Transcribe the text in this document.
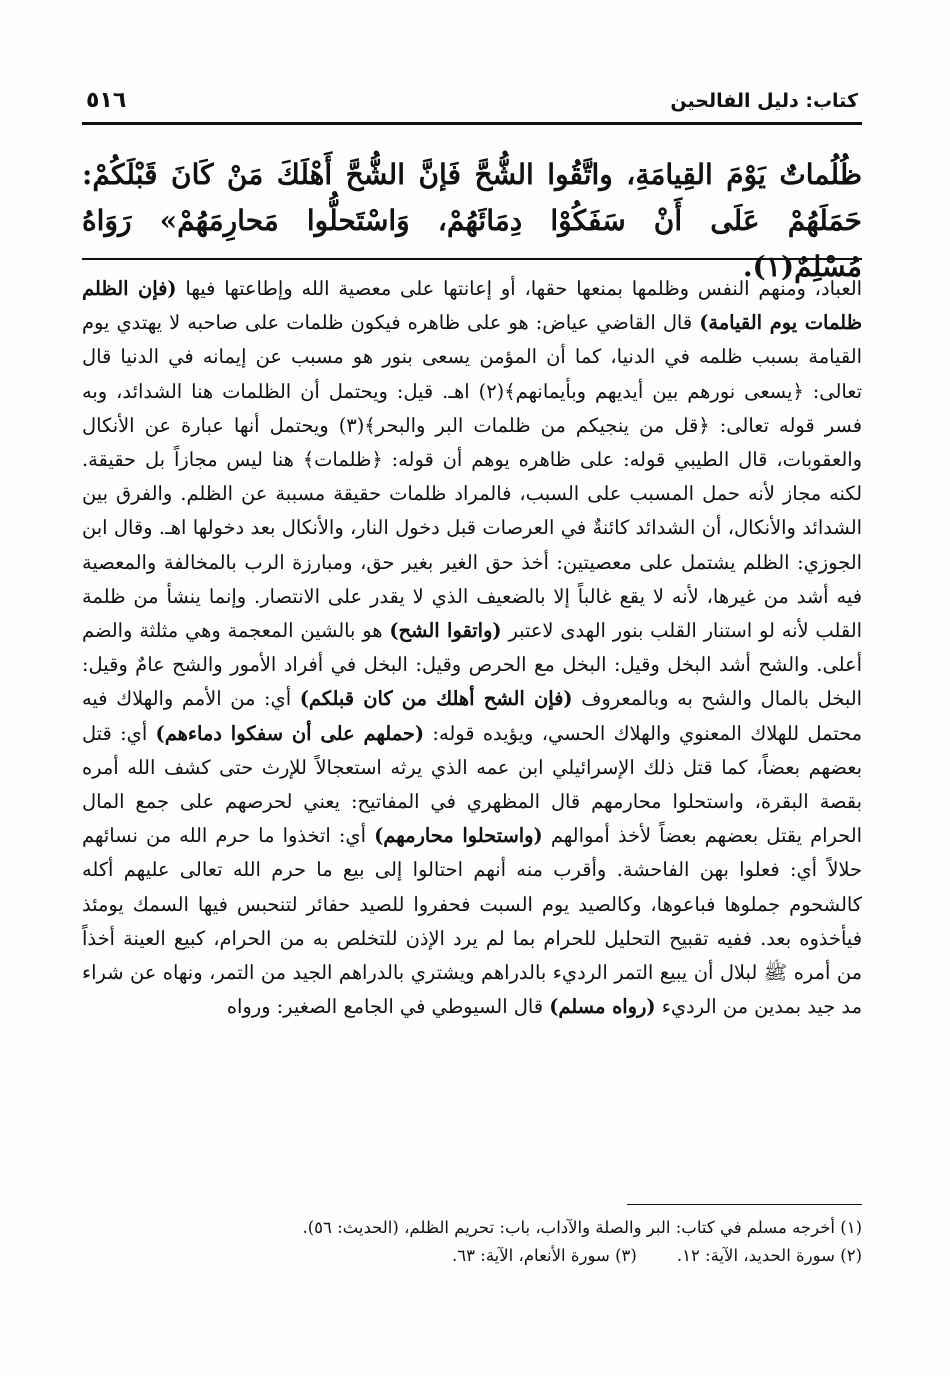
كتاب: دليل الفالحين
٥١٦
ظُلُماتٌ يَوْمَ القِيامَةِ، واتَّقُوا الشُّحَّ فَإنَّ الشُّحَّ أَهْلَكَ مَنْ كَانَ قَبْلَكُمْ: حَمَلَهُمْ عَلَى أَنْ سَفَكُوْا دِمَائَهُمْ، وَاسْتَحلُّوا مَحارِمَهُمْ» رَوَاهُ مُسْلِمٌ(١).

العباد، ومنهم النفس وظلمها بمنعها حقها، أو إعانتها على معصية الله وإطاعتها فيها (فإن الظلم ظلمات يوم القيامة) قال القاضي عياض: هو على ظاهره فيكون ظلمات على صاحبه لا يهتدي يوم القيامة بسبب ظلمه في الدنيا، كما أن المؤمن يسعى بنور هو مسبب عن إيمانه في الدنيا قال تعالى: ﴿يسعى نورهم بين أيديهم وبأيمانهم﴾(٢) اهـ. قيل: ويحتمل أن الظلمات هنا الشدائد، وبه فسر قوله تعالى: ﴿قل من ينجيكم من ظلمات البر والبحر﴾(٣) ويحتمل أنها عبارة عن الأنكال والعقوبات، قال الطيبي قوله: على ظاهره يوهم أن قوله: ﴿ظلمات﴾ هنا ليس مجازاً بل حقيقة. لكنه مجاز لأنه حمل المسبب على السبب، فالمراد ظلمات حقيقة مسببة عن الظلم. والفرق بين الشدائد والأنكال، أن الشدائد كائنةٌ في العرصات قبل دخول النار، والأنكال بعد دخولها اهـ. وقال ابن الجوزي: الظلم يشتمل على معصيتين: أخذ حق الغير بغير حق، ومبارزة الرب بالمخالفة والمعصية فيه أشد من غيرها، لأنه لا يقع غالباً إلا بالضعيف الذي لا يقدر على الانتصار. وإنما ينشأ من ظلمة القلب لأنه لو استنار القلب بنور الهدى لاعتبر (واتقوا الشح) هو بالشين المعجمة وهي مثلثة والضم أعلى. والشح أشد البخل وقيل: البخل مع الحرص وقيل: البخل في أفراد الأمور والشح عامٌ وقيل: البخل بالمال والشح به وبالمعروف (فإن الشح أهلك من كان قبلكم) أي: من الأمم والهلاك فيه محتمل للهلاك المعنوي والهلاك الحسي، ويؤيده قوله: (حملهم على أن سفكوا دماءهم) أي: قتل بعضهم بعضاً، كما قتل ذلك الإسرائيلي ابن عمه الذي يرثه استعجالاً للإرث حتى كشف الله أمره بقصة البقرة، واستحلوا محارمهم قال المظهري في المفاتيح: يعني لحرصهم على جمع المال الحرام يقتل بعضهم بعضاً لأخذ أموالهم (واستحلوا محارمهم) أي: اتخذوا ما حرم الله من نسائهم حلالاً أي: فعلوا بهن الفاحشة. وأقرب منه أنهم احتالوا إلى بيع ما حرم الله تعالى عليهم أكله كالشحوم جملوها فباعوها، وكالصيد يوم السبت فحفروا للصيد حفائر لتنحبس فيها السمك يومئذ فيأخذوه بعد. ففيه تقبيح التحليل للحرام بما لم يرد الإذن للتخلص به من الحرام، كبيع العينة أخذاً من أمره ﷺ لبلال أن يبيع التمر الرديء بالدراهم ويشتري بالدراهم الجيد من التمر، ونهاه عن شراء مد جيد بمدين من الرديء (رواه مسلم) قال السيوطي في الجامع الصغير: ورواه

(١) أخرجه مسلم في كتاب: البر والصلة والآداب، باب: تحريم الظلم، (الحديث: ٥٦).
(٢) سورة الحديد، الآية: ١٢.(٣) سورة الأنعام، الآية: ٦٣.
